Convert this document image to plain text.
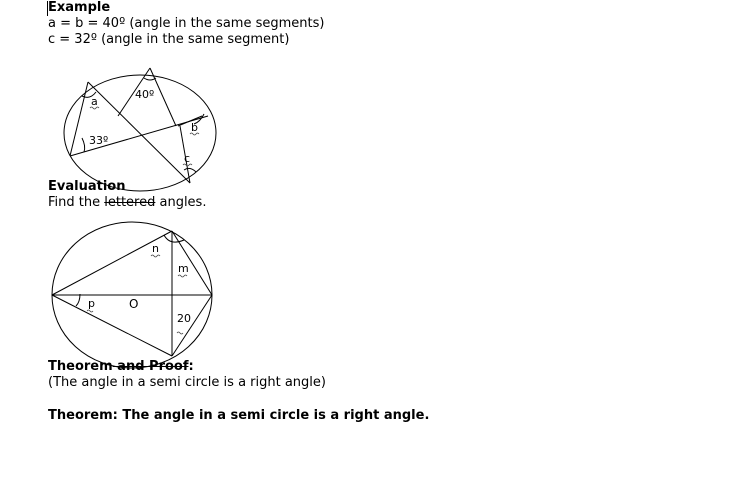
Example
a = b = 40º (angle in the same segments)
c = 32º (angle in the same segment)
a
40º
33º
b
c
Evaluation
Find the lettered angles.
n
m
p	O
20
Theorem and Proof:
(The angle in a semi circle is a right angle)
Theorem: The angle in a semi circle is a right angle.
